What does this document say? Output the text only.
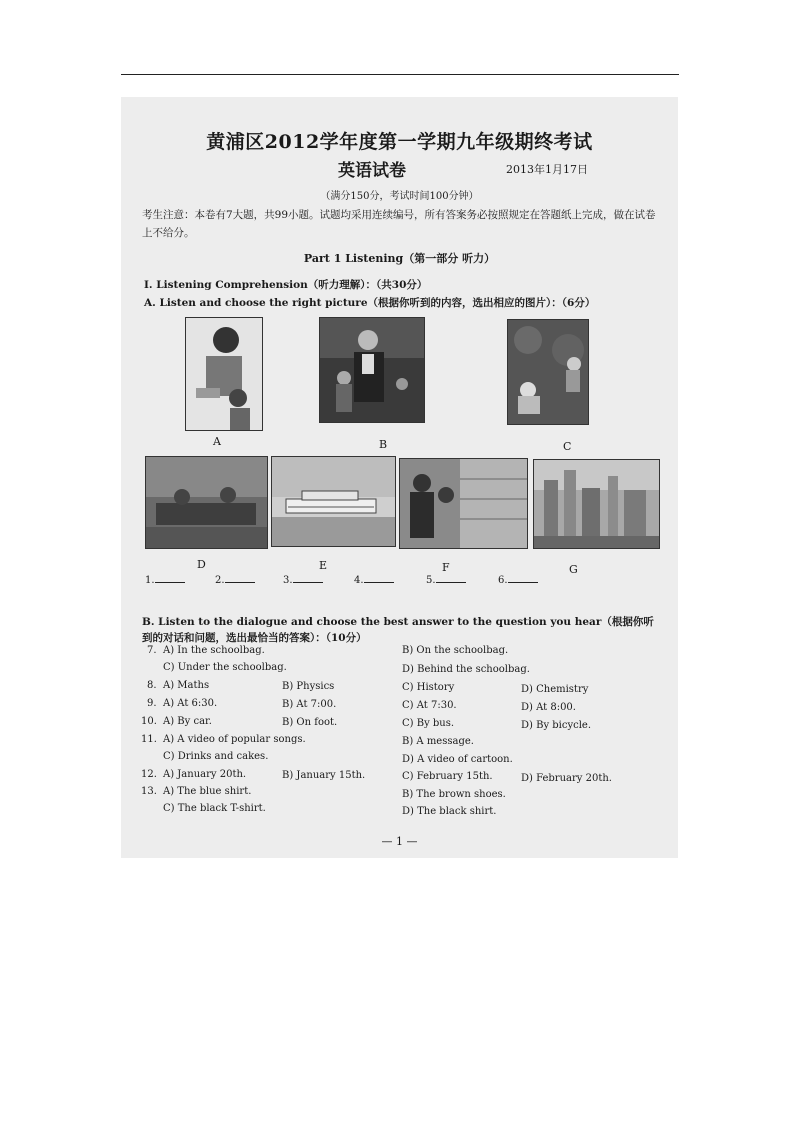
黄浦区2012学年度第一学期九年级期终考试
英语试卷	2013年1月17日
（满分150分，考试时间100分钟）
考生注意：本卷有7大题，共99小题。试题均采用连续编号，所有答案务必按照规定在答题纸上完成，做在试卷上不给分。
Part 1 Listening（第一部分 听力）
I. Listening Comprehension（听力理解）：（共30分）
A. Listen and choose the right picture（根据你听到的内容，选出相应的图片）：（6分）
A	B	C
D	E	F	G
1.	2.	3.	4.	5.	6.
B. Listen to the dialogue and choose the best answer to the question you hear（根据你听到的对话和问题，选出最恰当的答案）：（10分）
7. A) In the schoolbag.	B) On the schoolbag.
C) Under the schoolbag.	D) Behind the schoolbag.
8. A) Maths	B) Physics	C) History	D) Chemistry
9. A) At 6:30.	B) At 7:00.	C) At 7:30.	D) At 8:00.
10. A) By car.	B) On foot.	C) By bus.	D) By bicycle.
11. A) A video of popular songs.	B) A message.
C) Drinks and cakes.	D) A video of cartoon.
12. A) January 20th.	B) January 15th.	C) February 15th.	D) February 20th.
13. A) The blue shirt.	B) The brown shoes.
C) The black T-shirt.	D) The black shirt.
— 1 —
